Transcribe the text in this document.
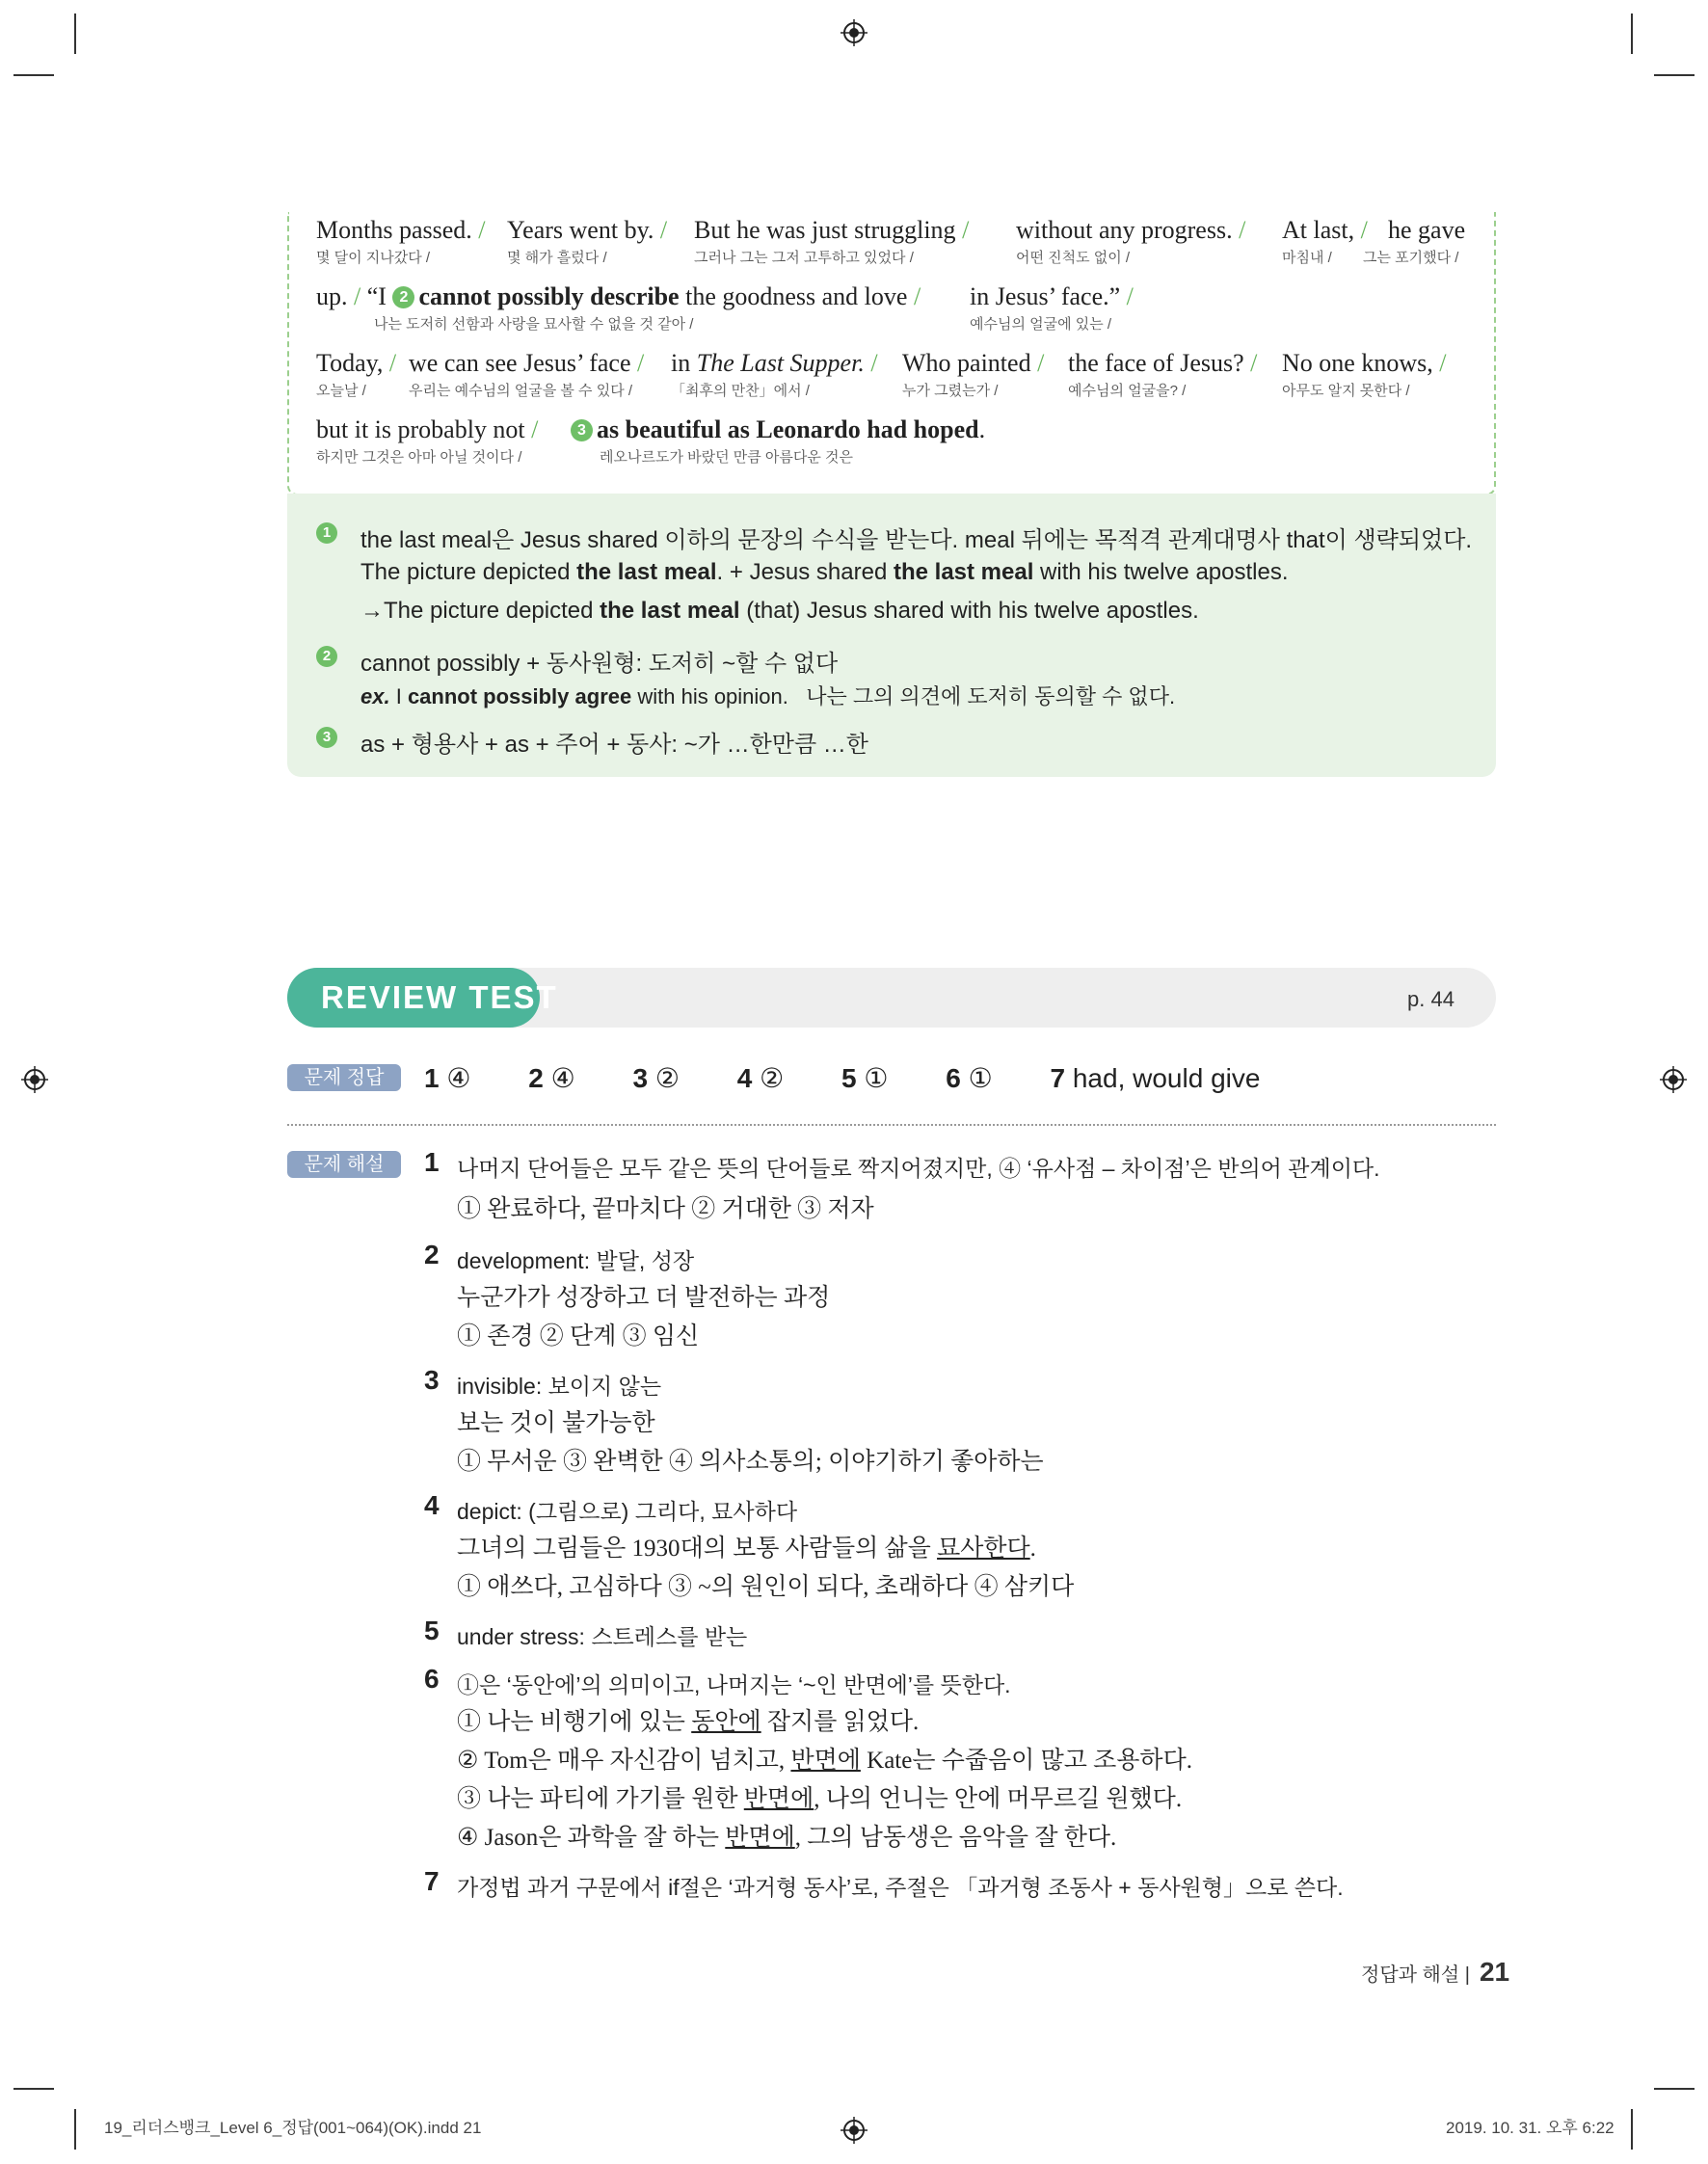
Months passed. /
몇 달이 지나갔다 /
Years went by. /
몇 해가 흘렀다 /
But he was just struggling /
그러나 그는 그저 고투하고 있었다 /
without any progress. /
어떤 진척도 없이 /
At last, /
마침내 /
he gave
그는 포기했다 /
up. / “I 2 cannot possibly describe the goodness and love /
나는 도저히 선함과 사랑을 묘사할 수 없을 것 같아 /
in Jesus’ face.” /
예수님의 얼굴에 있는 /
Today, /
오늘날 /
we can see Jesus’ face /
우리는 예수님의 얼굴을 볼 수 있다 /
in The Last Supper. /
「최후의 만찬」에서 /
Who painted /
누가 그렸는가 /
the face of Jesus? /
예수님의 얼굴을? /
No one knows, /
아무도 알지 못한다 /
but it is probably not /
하지만 그것은 아마 아닐 것이다 /
3 as beautiful as Leonardo had hoped.
레오나르도가 바랐던 만큼 아름다운 것은
1 the last meal은 Jesus shared 이하의 문장의 수식을 받는다. meal 뒤에는 목적격 관계대명사 that이 생략되었다.
The picture depicted the last meal. + Jesus shared the last meal with his twelve apostles.
→The picture depicted the last meal (that) Jesus shared with his twelve apostles.
2 cannot possibly + 동사원형: 도저히 ~할 수 없다
ex. I cannot possibly agree with his opinion. 나는 그의 의견에 도저히 동의할 수 없다.
3 as + 형용사 + as + 주어 + 동사: ~가 …한만큼 …한
REVIEW TEST	p. 44
문제 정답	1 ④ 2 ④ 3 ② 4 ② 5 ① 6 ① 7 had, would give
문제 해설	1 나머지 단어들은 모두 같은 뜻의 단어들로 짝지어졌지만, ④ ‘유사점 – 차이점’은 반의어 관계이다.
① 완료하다, 끝마치다 ② 거대한 ③ 저자
2 development: 발달, 성장
누군가가 성장하고 더 발전하는 과정
① 존경 ② 단계 ③ 임신
3 invisible: 보이지 않는
보는 것이 불가능한
① 무서운 ③ 완벽한 ④ 의사소통의; 이야기하기 좋아하는
4 depict: (그림으로) 그리다, 묘사하다
그녀의 그림들은 1930대의 보통 사람들의 삶을 묘사한다.
① 애쓰다, 고심하다 ③ ~의 원인이 되다, 초래하다 ④ 삼키다
5 under stress: 스트레스를 받는
6 ①은 ‘동안에’의 의미이고, 나머지는 ‘~인 반면에’를 뜻한다.
① 나는 비행기에 있는 동안에 잡지를 읽었다.
② Tom은 매우 자신감이 넘치고, 반면에 Kate는 수줍음이 많고 조용하다.
③ 나는 파티에 가기를 원한 반면에, 나의 언니는 안에 머무르길 원했다.
④ Jason은 과학을 잘 하는 반면에, 그의 남동생은 음악을 잘 한다.
7 가정법 과거 구문에서 if절은 ‘과거형 동사’로, 주절은 「과거형 조동사 + 동사원형」으로 쓴다.
정답과 해설 | 21
19_리더스뱅크_Level 6_정답(001~064)(OK).indd 21	2019. 10. 31. 오후 6:22
